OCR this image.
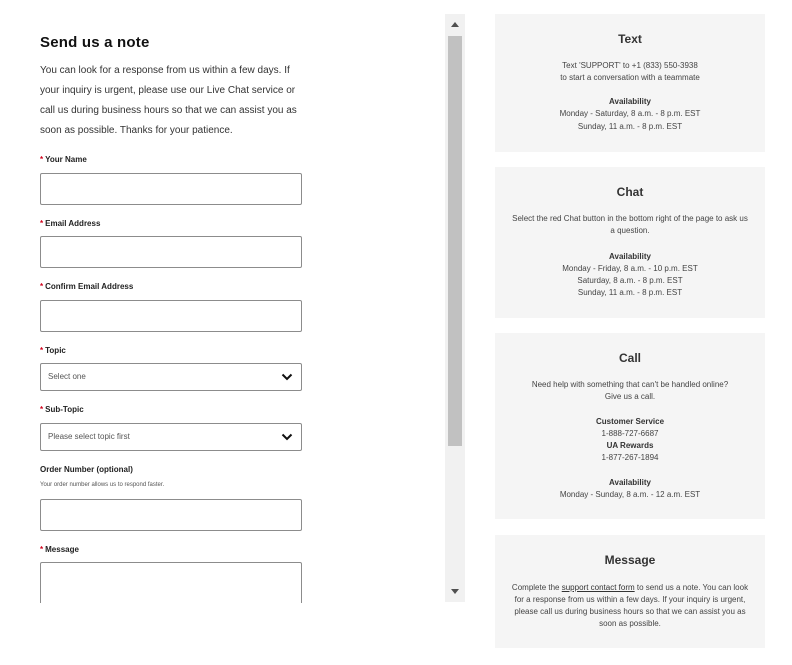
Send us a note

You can look for a response from us within a few days. If your inquiry is urgent, please use our Live Chat service or call us during business hours so that we can assist you as soon as possible. Thanks for your patience.

* Your Name
* Email Address
* Confirm Email Address
* Topic
Select one
* Sub-Topic
Please select topic first
Order Number (optional)
Your order number allows us to respond faster.
* Message
Text
Text 'SUPPORT' to +1 (833) 550-3938
to start a conversation with a teammate
Availability
Monday - Saturday, 8 a.m. - 8 p.m. EST
Sunday, 11 a.m. - 8 p.m. EST
Chat
Select the red Chat button in the bottom right of the page to ask us
a question.
Availability
Monday - Friday, 8 a.m. - 10 p.m. EST
Saturday, 8 a.m. - 8 p.m. EST
Sunday, 11 a.m. - 8 p.m. EST
Call
Need help with something that can't be handled online?
Give us a call.
Customer Service
1-888-727-6687
UA Rewards
1-877-267-1894
Availability
Monday - Sunday, 8 a.m. - 12 a.m. EST
Message
Complete the support contact form to send us a note. You can look for a response from us within a few days. If your inquiry is urgent, please call us during business hours so that we can assist you as soon as possible.
